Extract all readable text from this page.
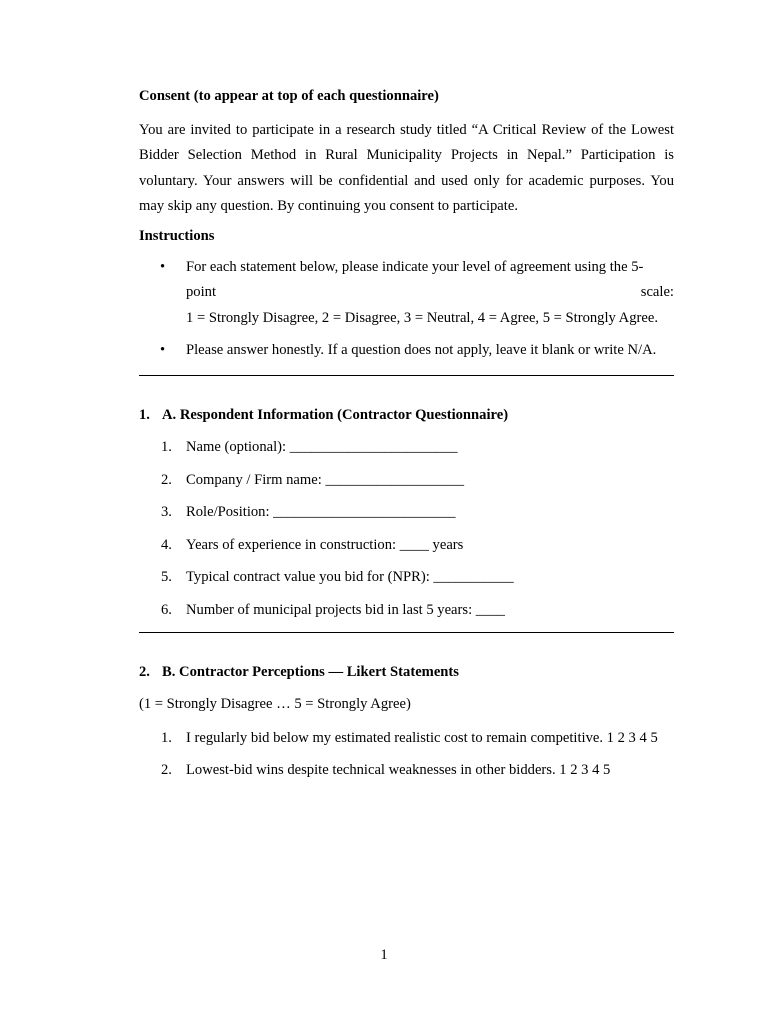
Consent (to appear at top of each questionnaire)

You are invited to participate in a research study titled “A Critical Review of the Lowest Bidder Selection Method in Rural Municipality Projects in Nepal.” Participation is voluntary. Your answers will be confidential and used only for academic purposes. You may skip any question. By continuing you consent to participate.

Instructions

• For each statement below, please indicate your level of agreement using the 5-
point	scale:
1 = Strongly Disagree, 2 = Disagree, 3 = Neutral, 4 = Agree, 5 = Strongly Agree.
• Please answer honestly. If a question does not apply, leave it blank or write N/A.
1. A. Respondent Information (Contractor Questionnaire)
1. Name (optional): _______________________
2. Company / Firm name: ___________________
3. Role/Position: _________________________
4. Years of experience in construction: ____ years
5. Typical contract value you bid for (NPR): ___________
6. Number of municipal projects bid in last 5 years: ____
2. B. Contractor Perceptions — Likert Statements

(1 = Strongly Disagree … 5 = Strongly Agree)

1. I regularly bid below my estimated realistic cost to remain competitive. 1 2 3 4 5
2. Lowest-bid wins despite technical weaknesses in other bidders. 1 2 3 4 5
1
